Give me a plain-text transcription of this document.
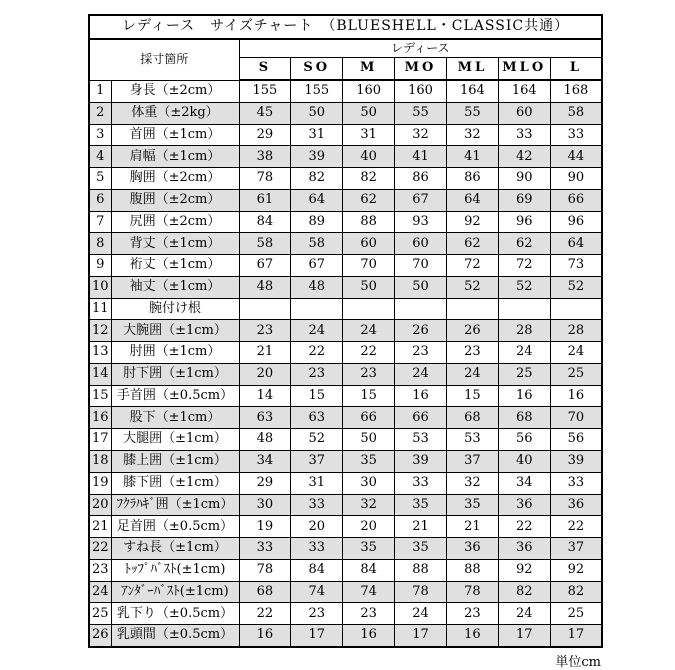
レディース　サイズチャート　（BLUESHELL・CLASSIC共通）								
採寸箇所		レディース						
		S	SO	M	MO	ML	MLO	L
1	身長（±2cm）	155	155	160	160	164	164	168
2	体重（±2kg）	45	50	50	55	55	60	58
3	首囲（±1cm）	29	31	31	32	32	33	33
4	肩幅（±1cm）	38	39	40	41	41	42	44
5	胸囲（±2cm）	78	82	82	86	86	90	90
6	腹囲（±2cm）	61	64	62	67	64	69	66
7	尻囲（±2cm）	84	89	88	93	92	96	96
8	背丈（±1cm）	58	58	60	60	62	62	64
9	裄丈（±1cm）	67	67	70	70	72	72	73
10	袖丈（±1cm）	48	48	50	50	52	52	52
11	腕付け根							
12	大腕囲（±1cm）	23	24	24	26	26	28	28
13	肘囲（±1cm）	21	22	22	23	23	24	24
14	肘下囲（±1cm）	20	23	23	24	24	25	25
15	手首囲（±0.5cm）	14	15	15	16	15	16	16
16	股下（±1cm）	63	63	66	66	68	68	70
17	大腿囲（±1cm）	48	52	50	53	53	56	56
18	膝上囲（±1cm）	34	37	35	39	37	40	39
19	膝下囲（±1cm）	29	31	30	33	32	34	33
20	ﾌｸﾗﾊｷﾞ囲（±1cm）	30	33	32	35	35	36	36
21	足首囲（±0.5cm）	19	20	20	21	21	22	22
22	すね長（±1cm）	33	33	35	35	36	36	37
23	ﾄｯﾌﾟﾊﾞｽﾄ(±1cm)	78	84	84	88	88	92	92
24	ｱﾝﾀﾞｰﾊﾞｽﾄ(±1cm)	68	74	74	78	78	82	82
25	乳下り（±0.5cm）	22	23	23	24	23	24	25
26	乳頭間（±0.5cm）	16	17	16	17	16	17	17
単位cm
